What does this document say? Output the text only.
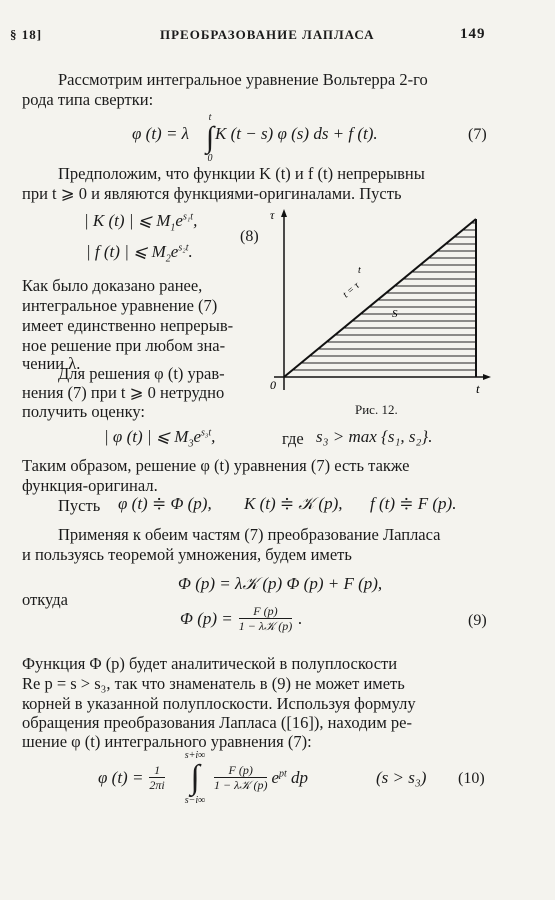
§ 18]	ПРЕОБРАЗОВАНИЕ ЛАПЛАСА	149
Рассмотрим интегральное уравнение Вольтерра 2-го
рода типа свертки:
φ (t) = λ
t
∫
0
K (t − s) φ (s) ds + f (t).	(7)
Предположим, что функции K (t) и f (t) непрерывны
при t ⩾ 0 и являются функциями-оригиналами. Пусть
| K (t) | ⩽ $M_1e^{s_1t}$,
| f (t) | ⩽ $M_2e^{s_2t}$.
(8)
Как было доказано ранее,
интегральное уравнение (7)
имеет единственно непрерыв-
ное решение при любом зна-
чении λ.
Для решения φ (t) урав-
нения (7) при t ⩾ 0 нетрудно
получить оценку:
τ
0	t
t
t = τ
S
Рис. 12.
| φ (t) | ⩽ $M_3e^{s_3t}$,	где s₃ > max {s₁, s₂}.
Таким образом, решение φ (t) уравнения (7) есть также
функция-оригинал.
Пусть φ (t) ≑ Φ (p), K (t) ≑ 𝒦 (p), f (t) ≑ F (p).
Применяя к обеим частям (7) преобразование Лапласа
и пользуясь теоремой умножения, будем иметь
Φ (p) = λ𝒦 (p) Φ (p) + F (p),
откуда
Φ $(p) = \frac{F (p)}{\text{1 − λ𝒦 (p)}}$ .	(9)
Функция Φ (p) будет аналитической в полуплоскости
Re p = s > s₃, так что знаменатель в (9) не может иметь
корней в указанной полуплоскости. Используя формулу
обращения преобразования Лапласа ([16]), находим ре-
шение φ (t) интегрального уравнения (7):
φ $(t) = \frac{1}{2\pi i}$
s+i∞
∫
s−i∞
$\frac{F (p)}{\text{1 − λ𝒦 (p)}} e^{pt}$ dp	(s > s₃) (10)
